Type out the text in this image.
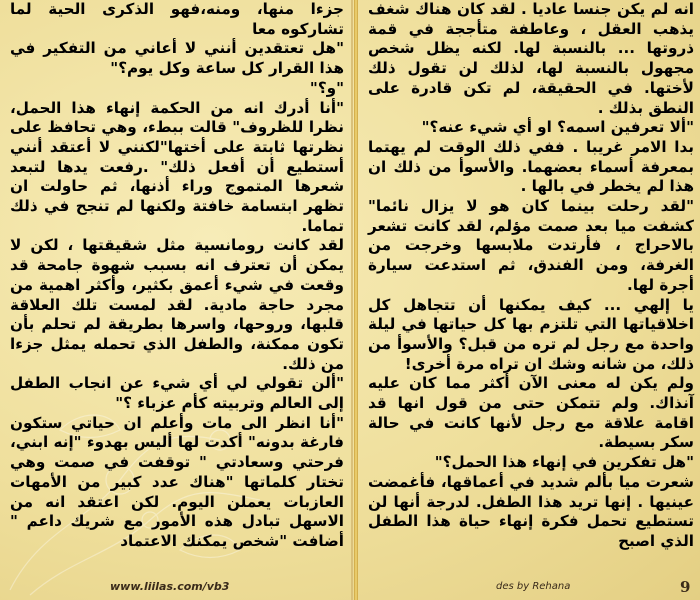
جزءا منها، ومنه،فهو الذكرى الحية لما تشاركوه معا

"هل تعتقدين أنني لا أعاني من التفكير في هذا القرار كل ساعة وكل يوم؟"

"و؟"

"أنا أدرك انه من الحكمة إنهاء هذا الحمل، نظرا للظروف" قالت ببطء، وهي تحافظ على نظرتها ثابتة على أختها"لكنني لا أعتقد أنني أستطيع أن أفعل ذلك" .رفعت يدها لتبعد شعرها المتموج وراء أذنها، ثم حاولت ان تظهر ابتسامة خافتة ولكنها لم تنجح في ذلك تماما.

لقد كانت رومانسية مثل شقيقتها ، لكن لا يمكن أن تعترف انه بسبب شهوة جامحة قد وقعت في شيء أعمق بكثير، وأكثر اهمية من مجرد حاجة مادية. لقد لمست تلك العلاقة قلبها، وروحها، واسرها بطريقة لم تحلم بأن تكون ممكنة، والطفل الذي تحمله يمثل جزءا من ذلك.

"ألن تقولي لي أي شيء عن انجاب الطفل إلى العالم وتربيته كأم عزباء ؟"

"أنا انظر الى مات وأعلم ان حياتي ستكون فارغة بدونه" أكدت لها أليس بهدوء "إنه ابني، فرحتي وسعادتي " توقفت في صمت وهي تختار كلماتها "هناك عدد كبير من الأمهات العازبات يعملن اليوم. لكن اعتقد انه من الاسهل تبادل هذه الأمور مع شريك داعم " أضافت "شخص يمكنك الاعتماد

انه لم يكن جنسا عاديا . لقد كان هناك شغف يذهب العقل ، وعاطفة متأججة في قمة ذروتها ... بالنسبة لها. لكنه يظل شخص مجهول بالنسبة لها، لذلك لن تقول ذلك لأختها. في الحقيقة، لم تكن قادرة على النطق بذلك .

"ألا تعرفين اسمه؟ او أي شيء عنه؟"

بدا الامر غريبا . ففي ذلك الوقت لم يهتما بمعرفة أسماء بعضهما. والأسوأ من ذلك ان هذا لم يخطر في بالها .

"لقد رحلت بينما كان هو لا يزال نائما" كشفت ميا بعد صمت مؤلم، لقد كانت تشعر بالاحراج ، فأرتدت ملابسها وخرجت من الغرفة، ومن الفندق، ثم استدعت سيارة أجرة لها.

يا إلهي ... كيف يمكنها أن تتجاهل كل اخلاقياتها التي تلتزم بها كل حياتها في ليلة واحدة مع رجل لم تره من قبل؟ والأسوأ من ذلك، من شانه وشك ان تراه مرة أخرى!

ولم يكن له معنى الآن أكثر مما كان عليه آنذاك. ولم تتمكن حتى من قول انها قد اقامة علاقة مع رجل لأنها كانت في حالة سكر بسيطة.

"هل تفكرين في إنهاء هذا الحمل؟"

شعرت ميا بألم شديد في أعماقها، فأغمضت عينيها . إنها تريد هذا الطفل. لدرجة أنها لن تستطيع تحمل فكرة إنهاء حياة هذا الطفل الذي اصبح

www.liilas.com/vb3	des by Rehana	9
